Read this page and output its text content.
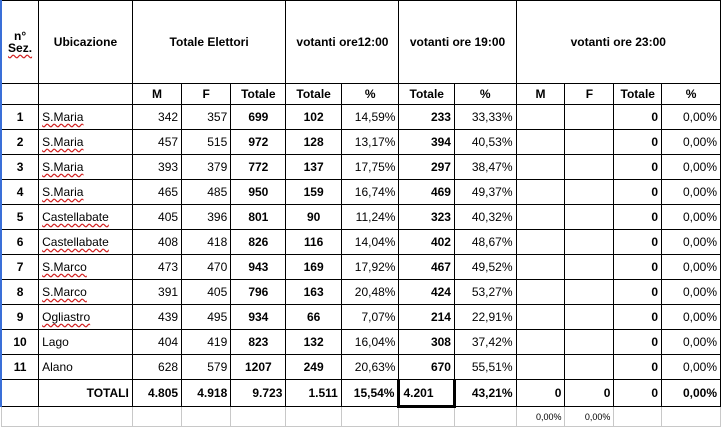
n°
Sez.	Ubicazione	Totale Elettori			votanti ore12:00		votanti ore 19:00		votanti ore 23:00			
		M	F	Totale	Totale	%	Totale	%	M	F	Totale	%
1	S.Maria	342	357	699	102	14,59%	233	33,33%			0	0,00%
2	S.Maria	457	515	972	128	13,17%	394	40,53%			0	0,00%
3	S.Maria	393	379	772	137	17,75%	297	38,47%			0	0,00%
4	S.Maria	465	485	950	159	16,74%	469	49,37%			0	0,00%
5	Castellabate	405	396	801	90	11,24%	323	40,32%			0	0,00%
6	Castellabate	408	418	826	116	14,04%	402	48,67%			0	0,00%
7	S.Marco	473	470	943	169	17,92%	467	49,52%			0	0,00%
8	S.Marco	391	405	796	163	20,48%	424	53,27%			0	0,00%
9	Ogliastro	439	495	934	66	7,07%	214	22,91%			0	0,00%
10	Lago	404	419	823	132	16,04%	308	37,42%			0	0,00%
11	Alano	628	579	1207	249	20,63%	670	55,51%			0	0,00%
	TOTALI	4.805	4.918	9.723	1.511	15,54%	4.201	43,21%	0	0	0	0,00%
									0,00%	0,00%		
